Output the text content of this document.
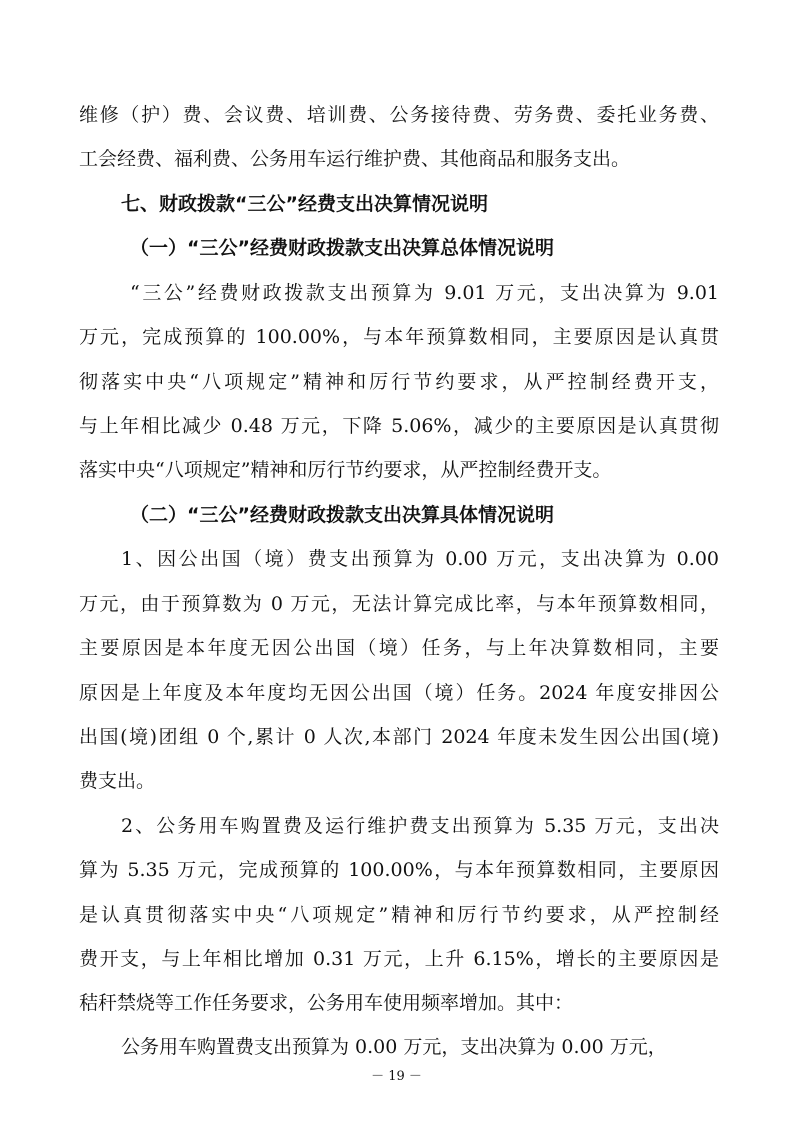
维修（护）费、会议费、培训费、公务接待费、劳务费、委托业务费、
工会经费、福利费、公务用车运行维护费、其他商品和服务支出。
七、财政拨款“三公”经费支出决算情况说明
（一）“三公”经费财政拨款支出决算总体情况说明
“三公”经费财政拨款支出预算为 9.01 万元，支出决算为 9.01
万元，完成预算的 100.00%，与本年预算数相同，主要原因是认真贯
彻落实中央“八项规定”精神和厉行节约要求，从严控制经费开支，
与上年相比减少 0.48 万元，下降 5.06%，减少的主要原因是认真贯彻
落实中央“八项规定”精神和厉行节约要求，从严控制经费开支。
（二）“三公”经费财政拨款支出决算具体情况说明
1、因公出国（境）费支出预算为 0.00 万元，支出决算为 0.00
万元，由于预算数为 0 万元，无法计算完成比率，与本年预算数相同，
主要原因是本年度无因公出国（境）任务，与上年决算数相同，主要
原因是上年度及本年度均无因公出国（境）任务。2024 年度安排因公
出国(境)团组 0 个,累计 0 人次,本部门 2024 年度未发生因公出国(境)
费支出。
2、公务用车购置费及运行维护费支出预算为 5.35 万元，支出决
算为 5.35 万元，完成预算的 100.00%，与本年预算数相同，主要原因
是认真贯彻落实中央“八项规定”精神和厉行节约要求，从严控制经
费开支，与上年相比增加 0.31 万元，上升 6.15%，增长的主要原因是
秸秆禁烧等工作任务要求，公务用车使用频率增加。其中：
公务用车购置费支出预算为 0.00 万元，支出决算为 0.00 万元，
－ 19 －
